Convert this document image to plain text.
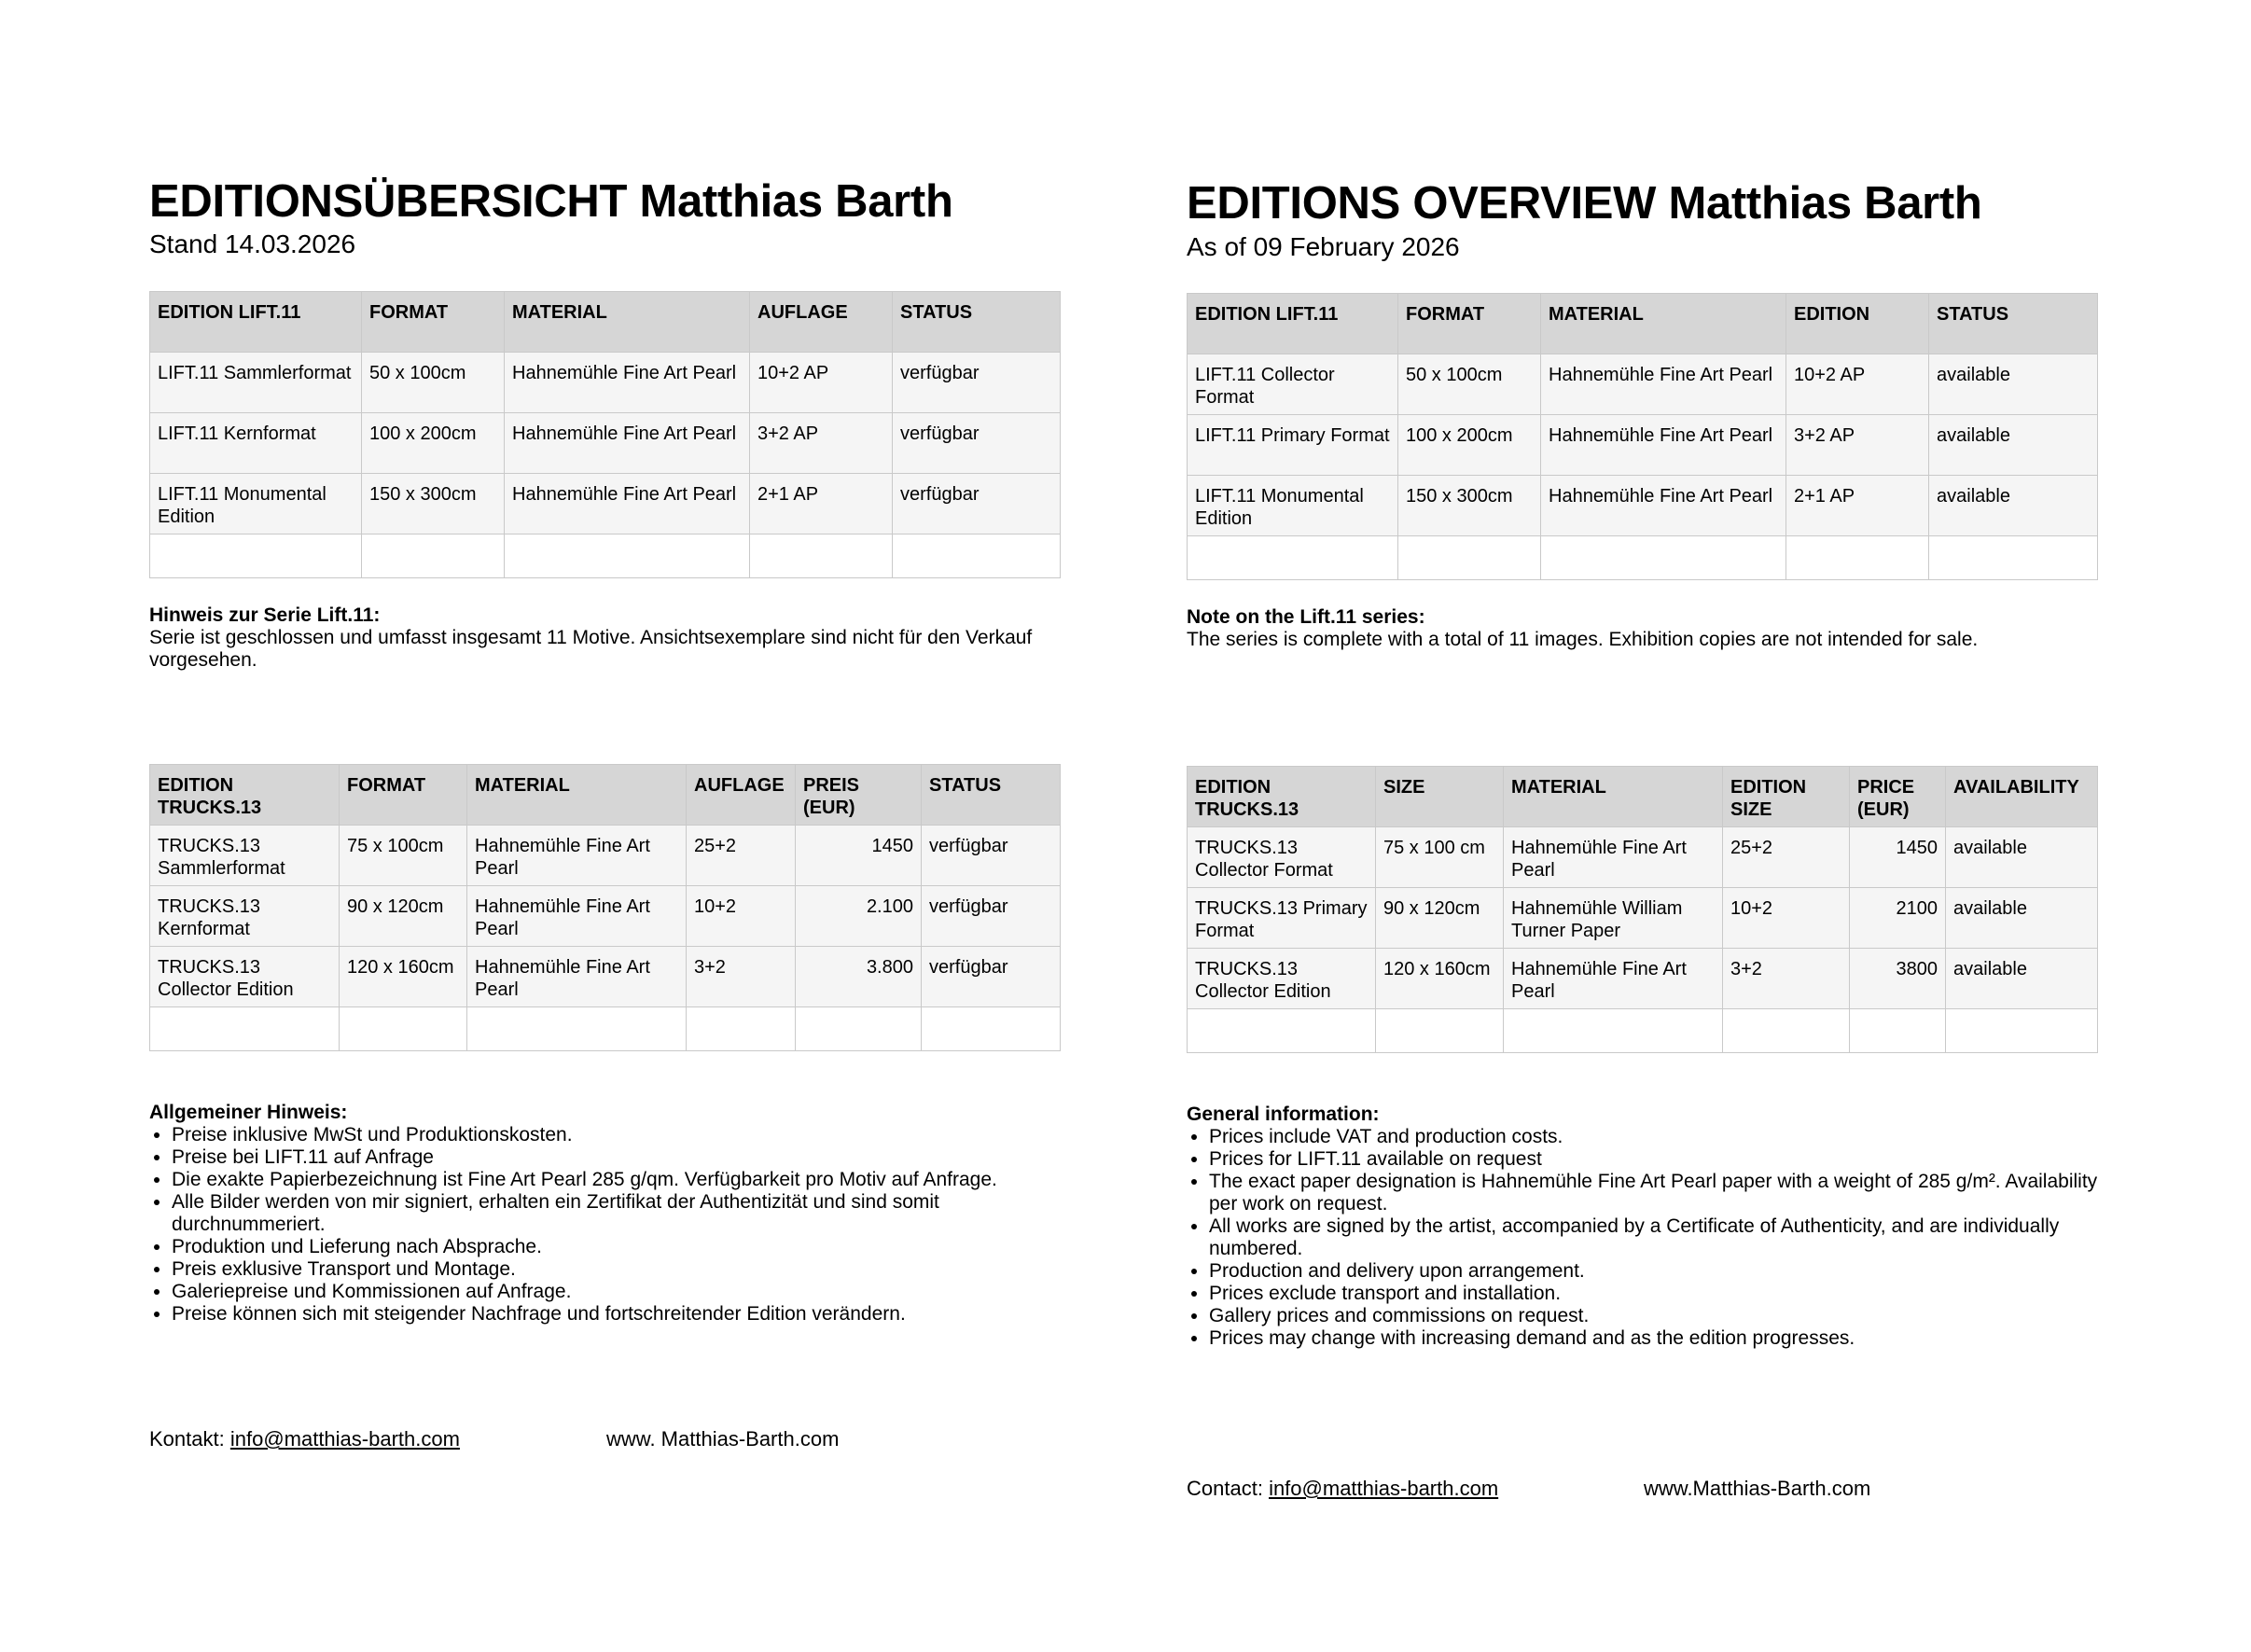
EDITIONSÜBERSICHT Matthias Barth
Stand 14.03.2026
EDITION LIFT.11	FORMAT	MATERIAL	AUFLAGE	STATUS
LIFT.11 Sammlerformat	50 x 100cm	Hahnemühle Fine Art Pearl	10+2 AP	verfügbar
LIFT.11 Kernformat	100 x 200cm	Hahnemühle Fine Art Pearl	3+2 AP	verfügbar
LIFT.11 Monumental Edition	150 x 300cm	Hahnemühle Fine Art Pearl	2+1 AP	verfügbar

Hinweis zur Serie Lift.11:
Serie ist geschlossen und umfasst insgesamt 11 Motive. Ansichtsexemplare sind nicht für den Verkauf vorgesehen.
EDITION TRUCKS.13	FORMAT	MATERIAL	AUFLAGE	PREIS (EUR)	STATUS
TRUCKS.13 Sammlerformat	75 x 100cm	Hahnemühle Fine Art Pearl	25+2	1450	verfügbar
TRUCKS.13 Kernformat	90 x 120cm	Hahnemühle Fine Art Pearl	10+2	2.100	verfügbar
TRUCKS.13 Collector Edition	120 x 160cm	Hahnemühle Fine Art Pearl	3+2	3.800	verfügbar

Allgemeiner Hinweis:
• Preise inklusive MwSt und Produktionskosten.
• Preise bei LIFT.11 auf Anfrage
• Die exakte Papierbezeichnung ist Fine Art Pearl 285 g/qm. Verfügbarkeit pro Motiv auf Anfrage.
• Alle Bilder werden von mir signiert, erhalten ein Zertifikat der Authentizität und sind somit durchnummeriert.
• Produktion und Lieferung nach Absprache.
• Preis exklusive Transport und Montage.
• Galeriepreise und Kommissionen auf Anfrage.
• Preise können sich mit steigender Nachfrage und fortschreitender Edition verändern.
Kontakt: info@matthias-barth.com	www. Matthias-Barth.com
EDITIONS OVERVIEW Matthias Barth
As of 09 February 2026
EDITION LIFT.11	FORMAT	MATERIAL	EDITION	STATUS
LIFT.11 Collector Format	50 x 100cm	Hahnemühle Fine Art Pearl	10+2 AP	available
LIFT.11 Primary Format	100 x 200cm	Hahnemühle Fine Art Pearl	3+2 AP	available
LIFT.11 Monumental Edition	150 x 300cm	Hahnemühle Fine Art Pearl	2+1 AP	available

Note on the Lift.11 series:
The series is complete with a total of 11 images. Exhibition copies are not intended for sale.
EDITION TRUCKS.13	SIZE	MATERIAL	EDITION SIZE	PRICE (EUR)	AVAILABILITY
TRUCKS.13 Collector Format	75 x 100 cm	Hahnemühle Fine Art Pearl	25+2	1450	available
TRUCKS.13 Primary Format	90 x 120cm	Hahnemühle William Turner Paper	10+2	2100	available
TRUCKS.13 Collector Edition	120 x 160cm	Hahnemühle Fine Art Pearl	3+2	3800	available

General information:
• Prices include VAT and production costs.
• Prices for LIFT.11 available on request
• The exact paper designation is Hahnemühle Fine Art Pearl paper with a weight of 285 g/m². Availability per work on request.
• All works are signed by the artist, accompanied by a Certificate of Authenticity, and are individually numbered.
• Production and delivery upon arrangement.
• Prices exclude transport and installation.
• Gallery prices and commissions on request.
• Prices may change with increasing demand and as the edition progresses.
Contact: info@matthias-barth.com	www.Matthias-Barth.com
